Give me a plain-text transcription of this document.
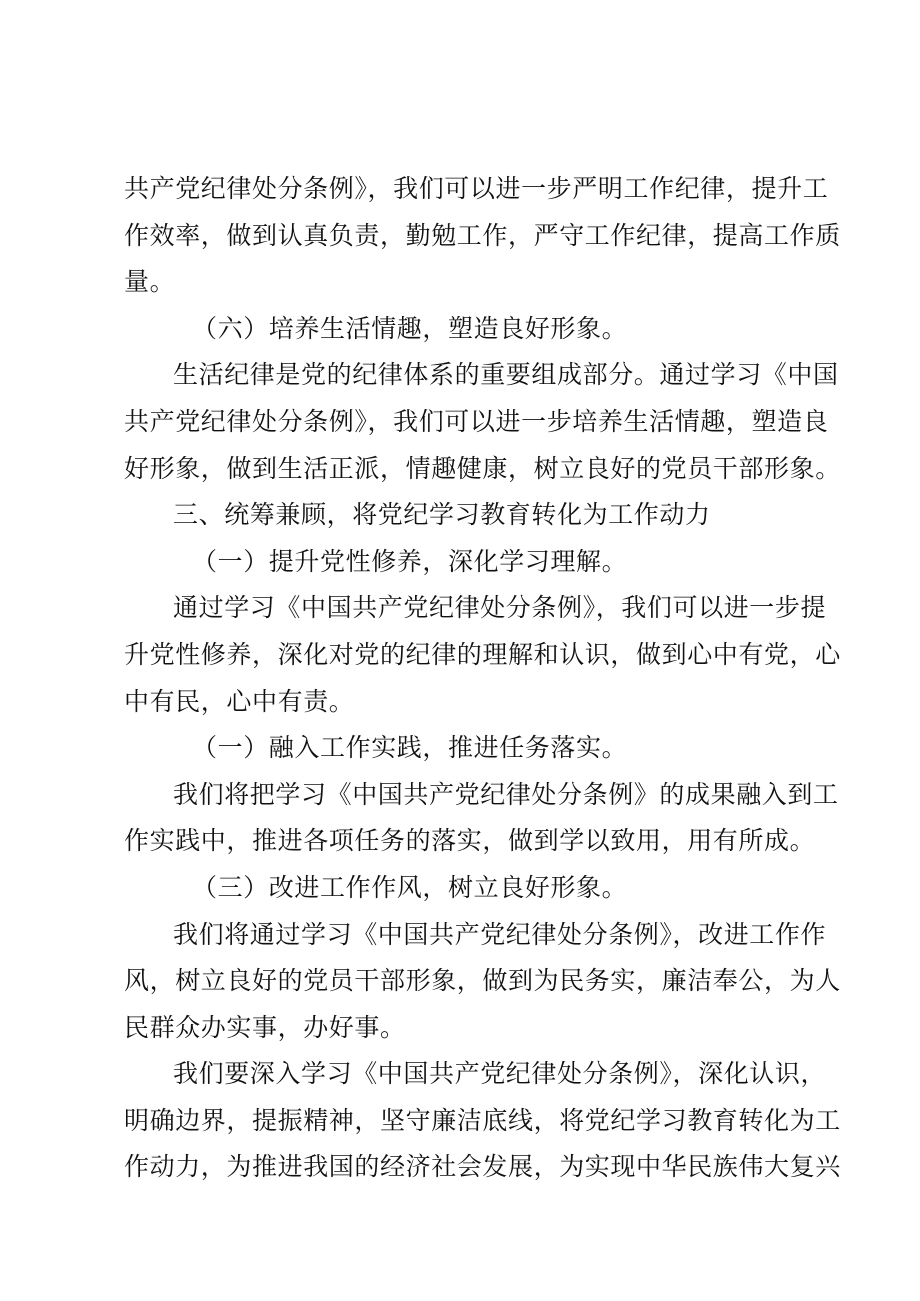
共产党纪律处分条例》，我们可以进一步严明工作纪律，提升工
作效率，做到认真负责，勤勉工作，严守工作纪律，提高工作质
量。
（六）培养生活情趣，塑造良好形象。
生活纪律是党的纪律体系的重要组成部分。通过学习《中国
共产党纪律处分条例》，我们可以进一步培养生活情趣，塑造良
好形象，做到生活正派，情趣健康，树立良好的党员干部形象。
三、统筹兼顾，将党纪学习教育转化为工作动力
（一）提升党性修养，深化学习理解。
通过学习《中国共产党纪律处分条例》，我们可以进一步提
升党性修养，深化对党的纪律的理解和认识，做到心中有党，心
中有民，心中有责。
（一）融入工作实践，推进任务落实。
我们将把学习《中国共产党纪律处分条例》的成果融入到工
作实践中，推进各项任务的落实，做到学以致用，用有所成。
（三）改进工作作风，树立良好形象。
我们将通过学习《中国共产党纪律处分条例》，改进工作作
风，树立良好的党员干部形象，做到为民务实，廉洁奉公，为人
民群众办实事，办好事。
我们要深入学习《中国共产党纪律处分条例》，深化认识，
明确边界，提振精神，坚守廉洁底线，将党纪学习教育转化为工
作动力，为推进我国的经济社会发展，为实现中华民族伟大复兴
